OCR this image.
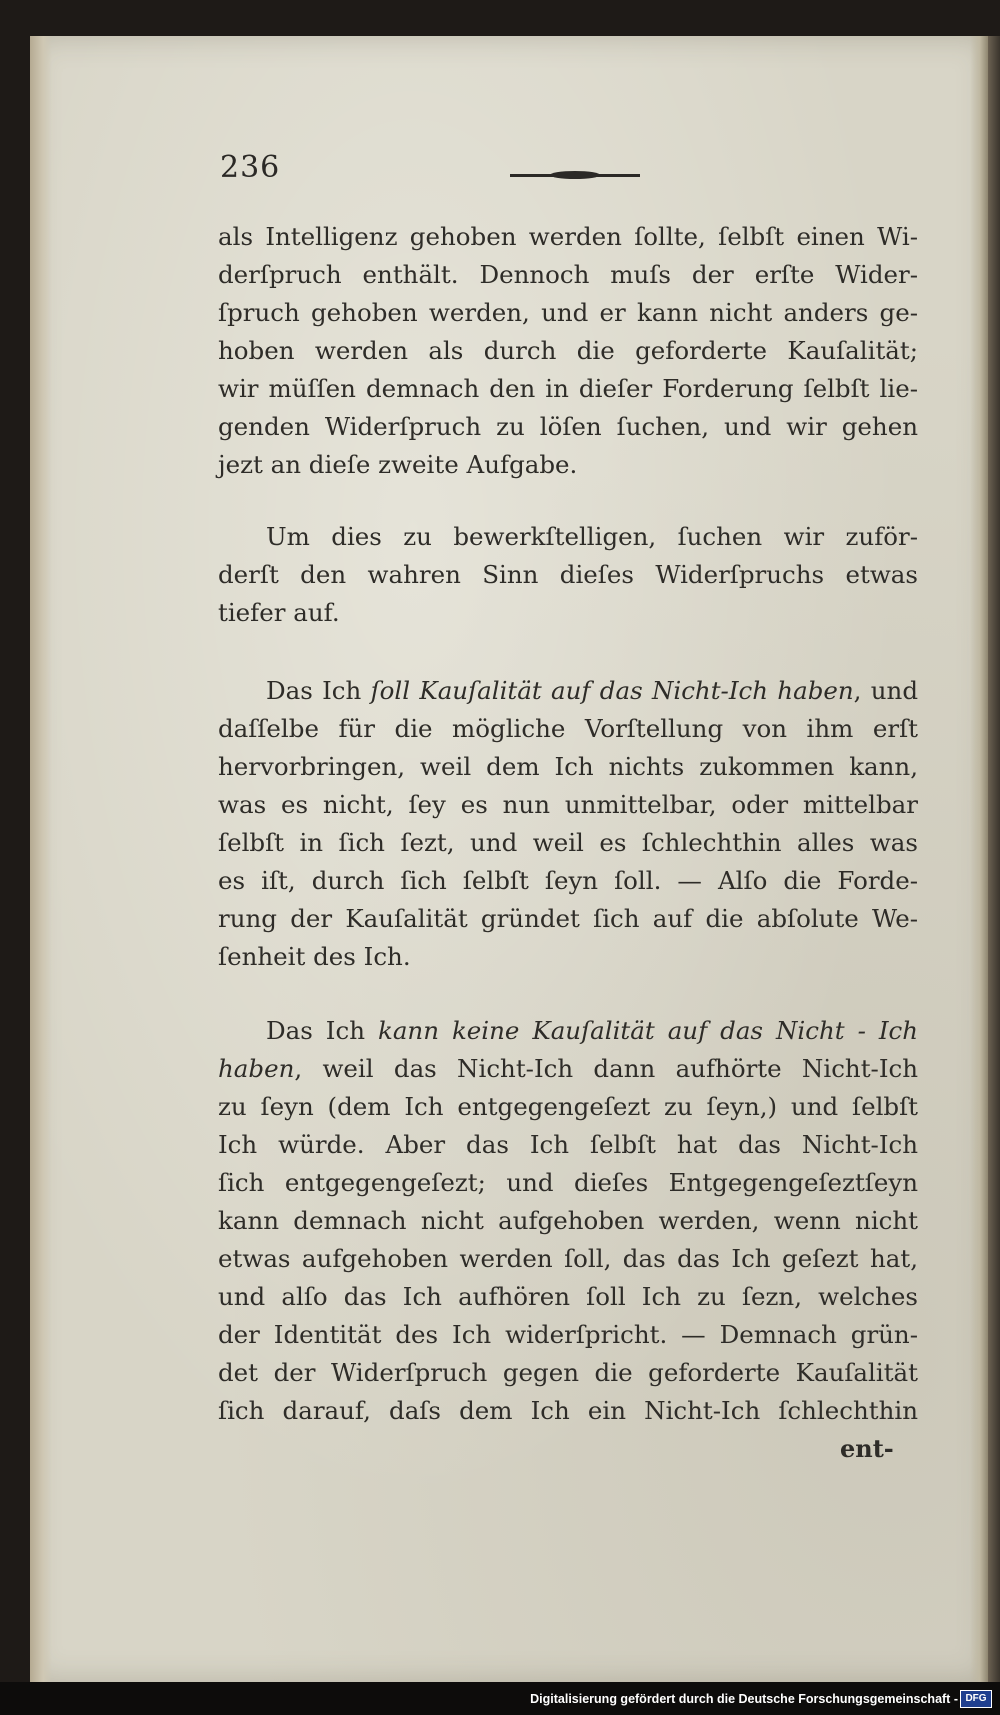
236
als Intelligenz gehoben werden ſollte, ſelbſt einen Wi-
derſpruch enthält. Dennoch muſs der erſte Wider-
ſpruch gehoben werden, und er kann nicht anders ge-
hoben werden als durch die geforderte Kauſalität;
wir müſſen demnach den in dieſer Forderung ſelbſt lie-
genden Widerſpruch zu löſen ſuchen, und wir gehen
jezt an dieſe zweite Aufgabe.
Um dies zu bewerkſtelligen, ſuchen wir zuför-
derſt den wahren Sinn dieſes Widerſpruchs etwas
tiefer auf.
Das Ich ſoll Kauſalität auf das Nicht-Ich haben, und
daſſelbe für die mögliche Vorſtellung von ihm erſt
hervorbringen, weil dem Ich nichts zukommen kann,
was es nicht, ſey es nun unmittelbar, oder mittelbar
ſelbſt in ſich ſezt, und weil es ſchlechthin alles was
es iſt, durch ſich ſelbſt ſeyn ſoll. — Alſo die Forde-
rung der Kauſalität gründet ſich auf die abſolute We-
ſenheit des Ich.
Das Ich kann keine Kauſalität auf das Nicht - Ich
haben, weil das Nicht-Ich dann aufhörte Nicht-Ich
zu ſeyn (dem Ich entgegengeſezt zu ſeyn,) und ſelbſt
Ich würde. Aber das Ich ſelbſt hat das Nicht-Ich
ſich entgegengeſezt; und dieſes Entgegengeſeztſeyn
kann demnach nicht aufgehoben werden, wenn nicht
etwas aufgehoben werden ſoll, das das Ich geſezt hat,
und alſo das Ich aufhören ſoll Ich zu ſezn, welches
der Identität des Ich widerſpricht. — Demnach grün-
det der Widerſpruch gegen die geforderte Kauſalität
ſich darauf, daſs dem Ich ein Nicht-Ich ſchlechthin
ent-
Digitalisierung gefördert durch die Deutsche Forschungsgemeinschaft - DFG
